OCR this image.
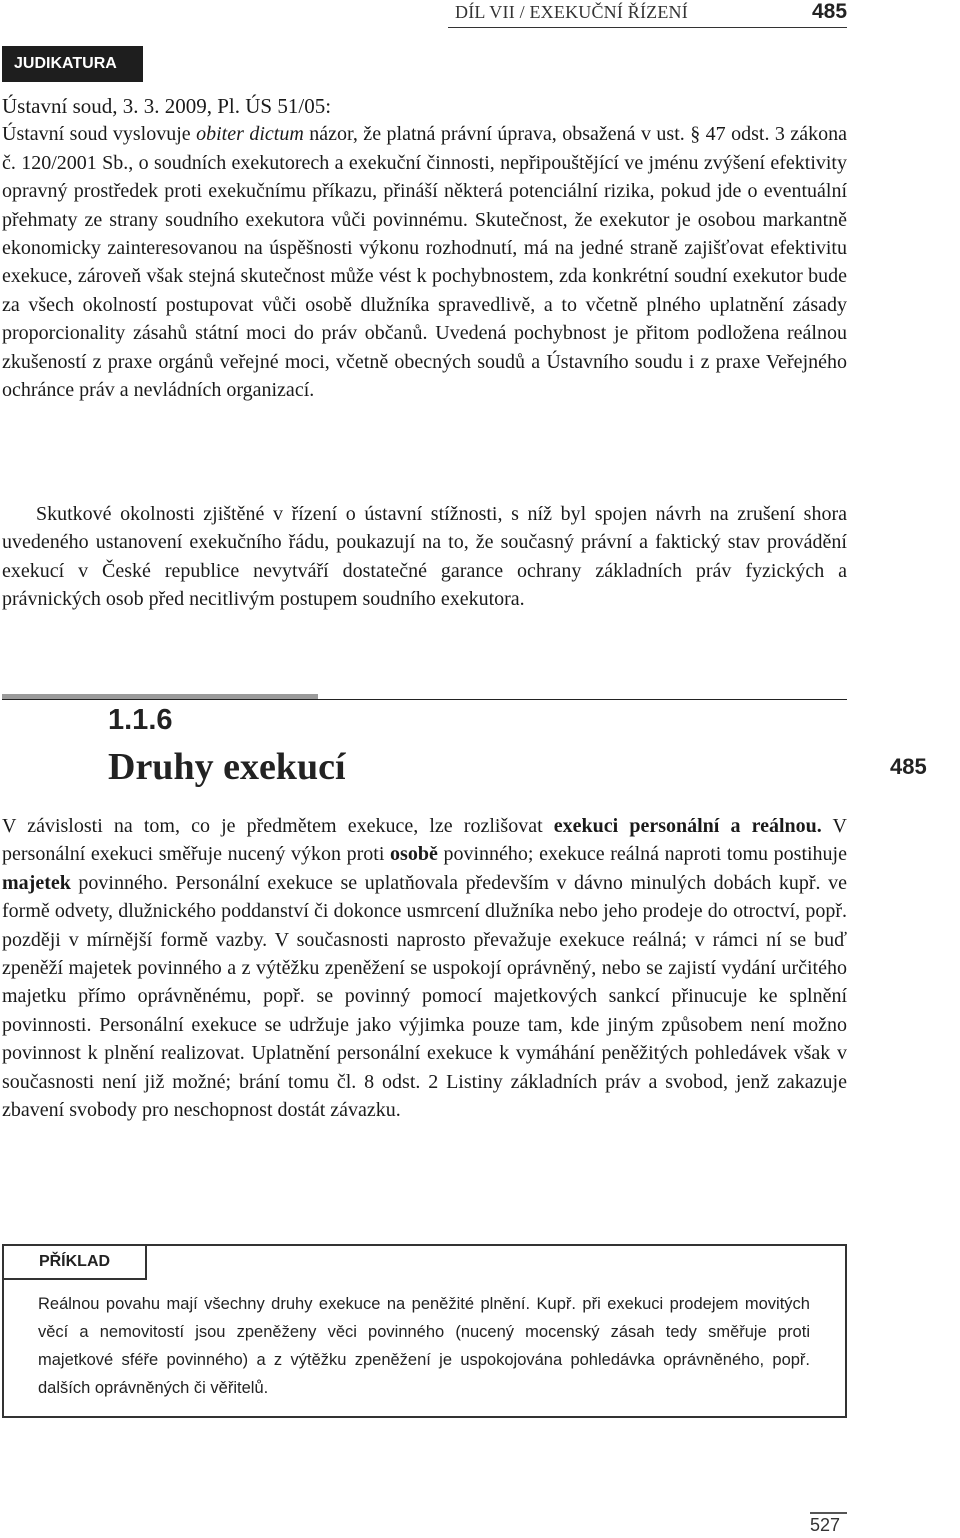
DÍL VII / EXEKUČNÍ ŘÍZENÍ	485
JUDIKATURA

Ústavní soud, 3. 3. 2009, Pl. ÚS 51/05:
Ústavní soud vyslovuje obiter dictum názor, že platná právní úprava, obsažená v ust. § 47 odst. 3 zákona č. 120/2001 Sb., o soudních exekutorech a exekuční činnosti, nepřipouštějící ve jménu zvýšení efektivity opravný prostředek proti exekučnímu příkazu, přináší některá potenciální rizika, pokud jde o eventuální přehmaty ze strany soudního exekutora vůči povinnému. Skutečnost, že exekutor je osobou markantně ekonomicky zainteresovanou na úspěšnosti výkonu rozhodnutí, má na jedné straně zajišťovat efektivitu exekuce, zároveň však stejná skutečnost může vést k pochybnostem, zda konkrétní soudní exekutor bude za všech okolností postupovat vůči osobě dlužníka spravedlivě, a to včetně plného uplatnění zásady proporcionality zásahů státní moci do práv občanů. Uvedená pochybnost je přitom podložena reálnou zkušeností z praxe orgánů veřejné moci, včetně obecných soudů a Ústavního soudu i z praxe Veřejného ochránce práv a nevládních organizací.

Skutkové okolnosti zjištěné v řízení o ústavní stížnosti, s níž byl spojen návrh na zrušení shora uvedeného ustanovení exekučního řádu, poukazují na to, že současný právní a faktický stav provádění exekucí v České republice nevytváří dostatečné garance ochrany základních práv fyzických a právnických osob před necitlivým postupem soudního exekutora.

1.1.6
Druhy exekucí	485

V závislosti na tom, co je předmětem exekuce, lze rozlišovat exekuci personální a reálnou. V personální exekuci směřuje nucený výkon proti osobě povinného; exekuce reálná naproti tomu postihuje majetek povinného. Personální exekuce se uplatňovala především v dávno minulých dobách kupř. ve formě odvety, dlužnického poddanství či dokonce usmrcení dlužníka nebo jeho prodeje do otroctví, popř. později v mírnější formě vazby. V současnosti naprosto převažuje exekuce reálná; v rámci ní se buď zpeněží majetek povinného a z výtěžku zpeněžení se uspokojí oprávněný, nebo se zajistí vydání určitého majetku přímo oprávněnému, popř. se povinný pomocí majetkových sankcí přinucuje ke splnění povinnosti. Personální exekuce se udržuje jako výjimka pouze tam, kde jiným způsobem není možno povinnost k plnění realizovat. Uplatnění personální exekuce k vymáhání peněžitých pohledávek však v současnosti není již možné; brání tomu čl. 8 odst. 2 Listiny základních práv a svobod, jenž zakazuje zbavení svobody pro neschopnost dostát závazku.

PŘÍKLAD

Reálnou povahu mají všechny druhy exekuce na peněžité plnění. Kupř. při exekuci prodejem movitých věcí a nemovitostí jsou zpeněženy věci povinného (nucený mocenský zásah tedy směřuje proti majetkové sféře povinného) a z výtěžku zpeněžení je uspokojována pohledávka oprávněného, popř. dalších oprávněných či věřitelů.

527
